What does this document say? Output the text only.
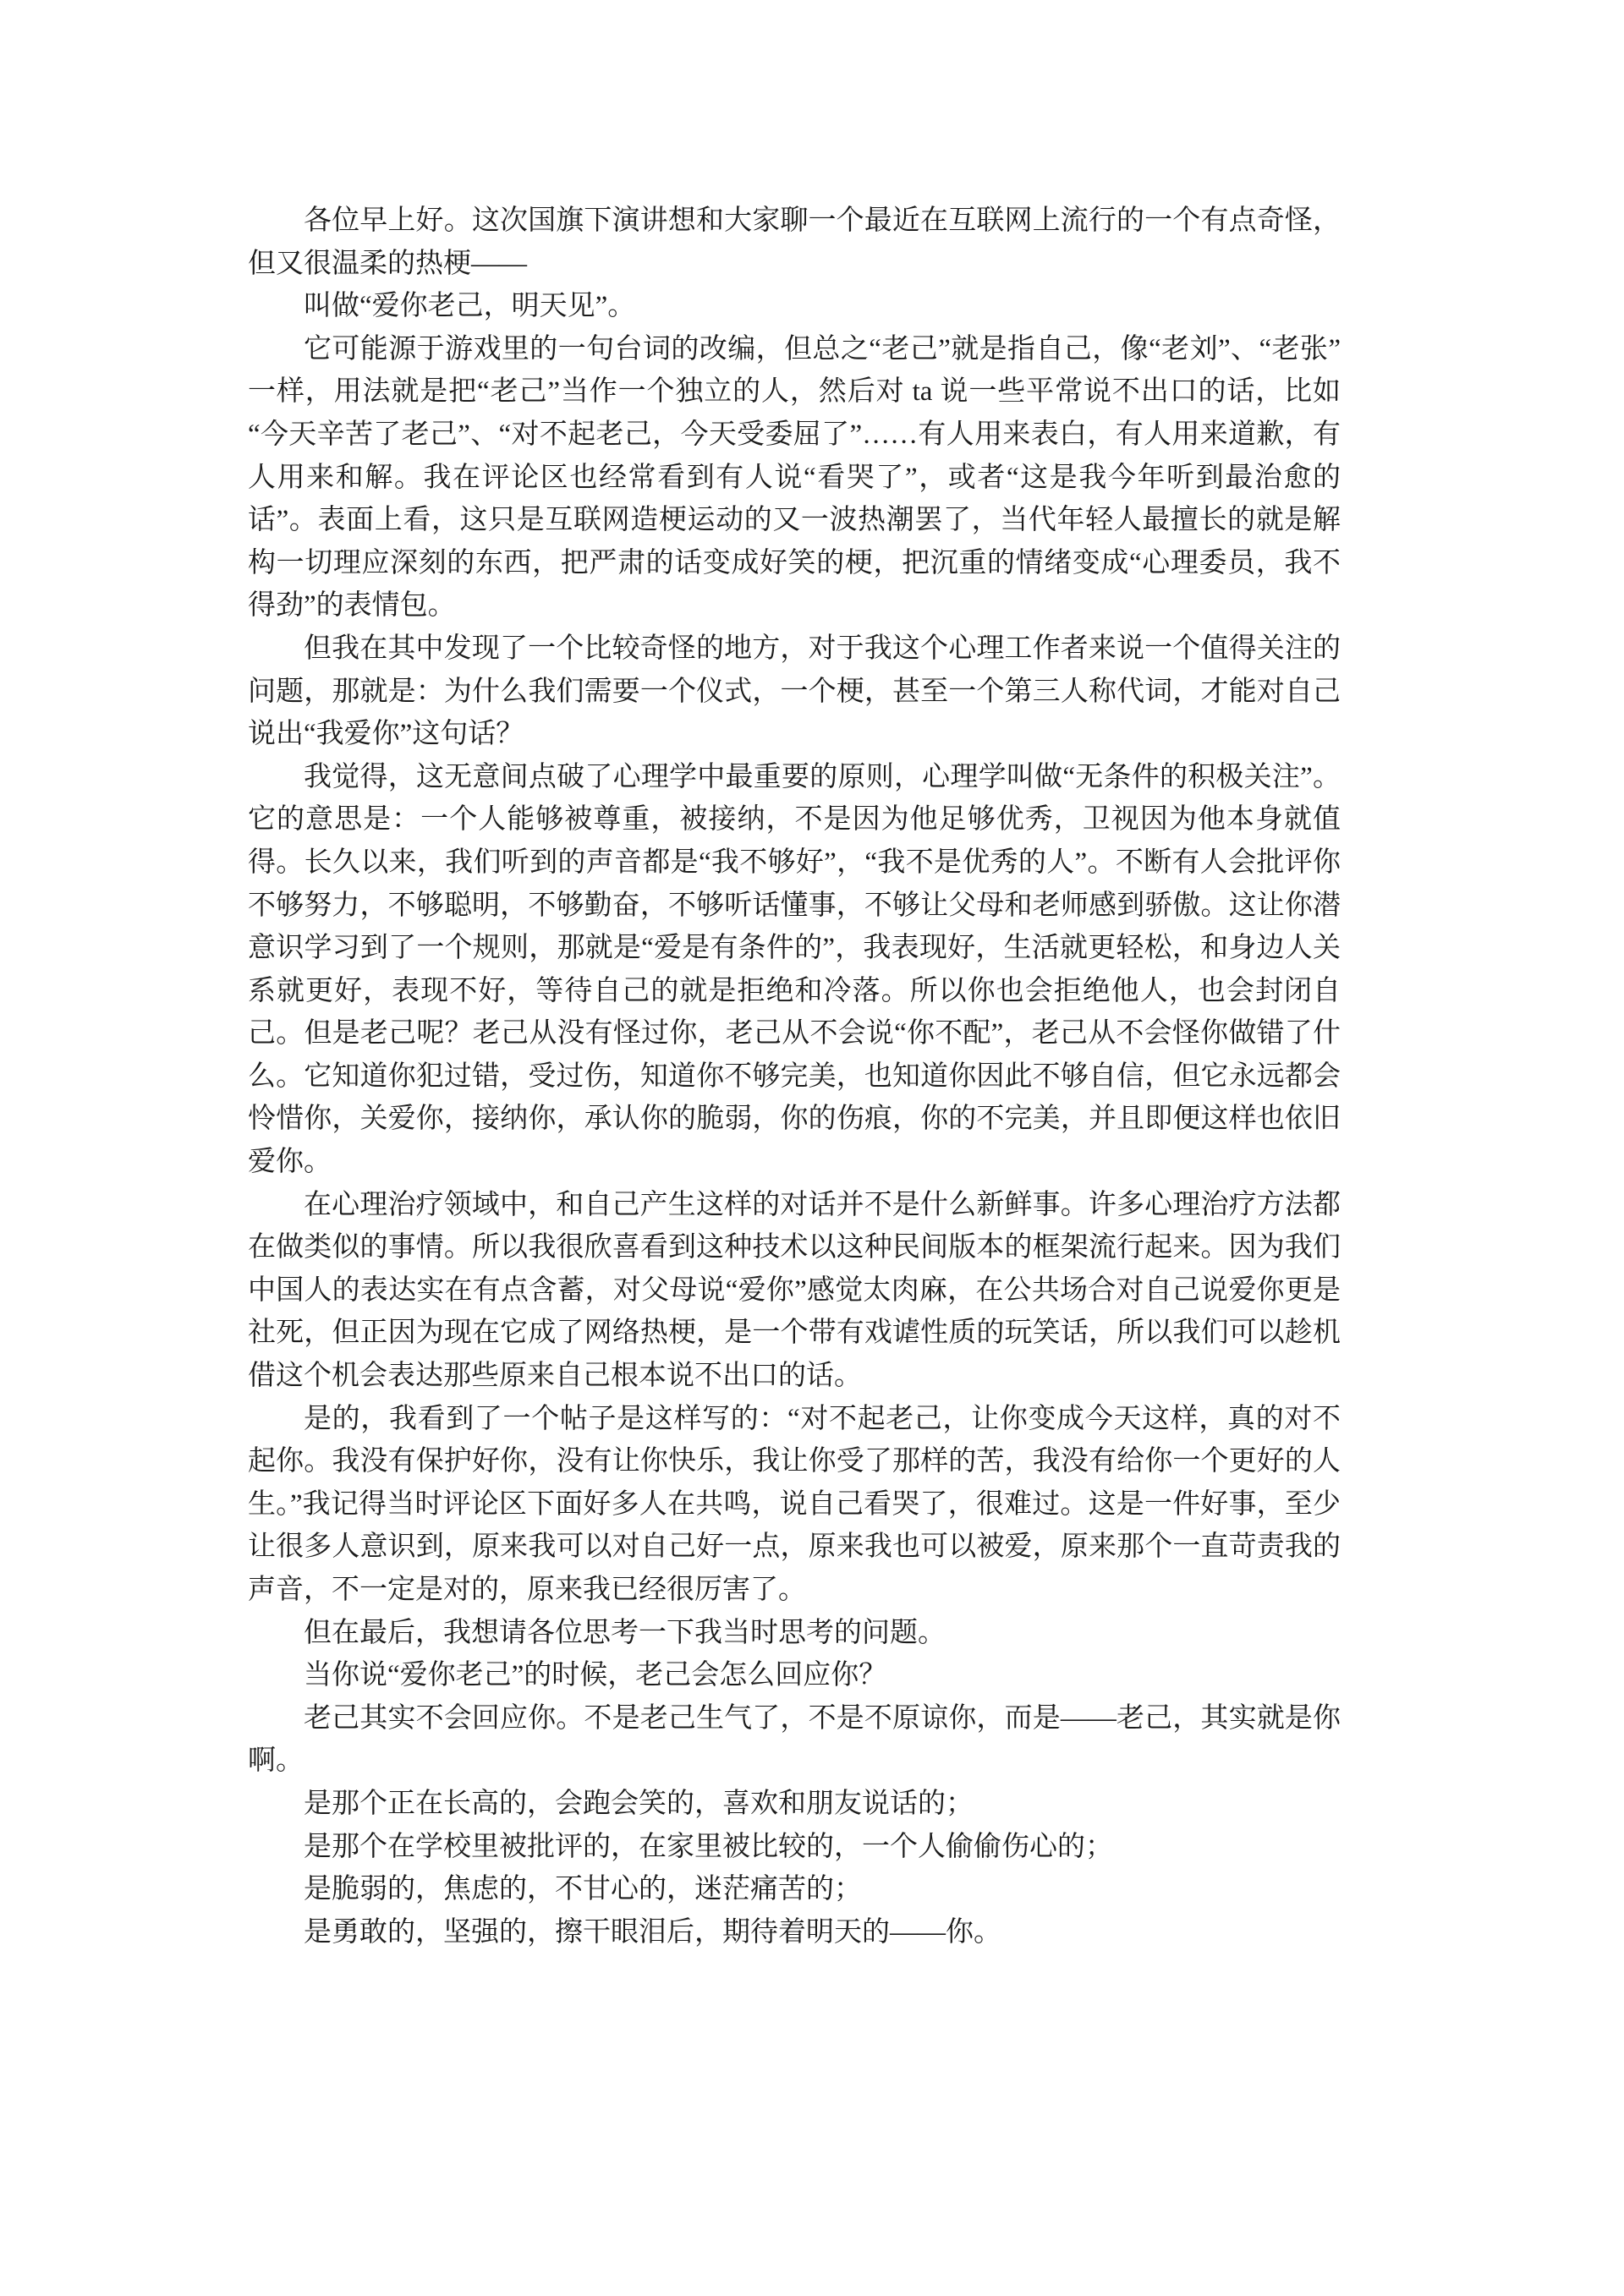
各位早上好。这次国旗下演讲想和大家聊一个最近在互联网上流行的一个有点奇怪，但又很温柔的热梗——

叫做“爱你老己，明天见”。

它可能源于游戏里的一句台词的改编，但总之“老己”就是指自己，像“老刘”、“老张”一样，用法就是把“老己”当作一个独立的人，然后对 ta 说一些平常说不出口的话，比如“今天辛苦了老己”、“对不起老己，今天受委屈了”……有人用来表白，有人用来道歉，有人用来和解。我在评论区也经常看到有人说“看哭了”，或者“这是我今年听到最治愈的话”。表面上看，这只是互联网造梗运动的又一波热潮罢了，当代年轻人最擅长的就是解构一切理应深刻的东西，把严肃的话变成好笑的梗，把沉重的情绪变成“心理委员，我不得劲”的表情包。

但我在其中发现了一个比较奇怪的地方，对于我这个心理工作者来说一个值得关注的问题，那就是：为什么我们需要一个仪式，一个梗，甚至一个第三人称代词，才能对自己说出“我爱你”这句话？

我觉得，这无意间点破了心理学中最重要的原则，心理学叫做“无条件的积极关注”。它的意思是：一个人能够被尊重，被接纳，不是因为他足够优秀，卫视因为他本身就值得。长久以来，我们听到的声音都是“我不够好”，“我不是优秀的人”。不断有人会批评你不够努力，不够聪明，不够勤奋，不够听话懂事，不够让父母和老师感到骄傲。这让你潜意识学习到了一个规则，那就是“爱是有条件的”，我表现好，生活就更轻松，和身边人关系就更好，表现不好，等待自己的就是拒绝和冷落。所以你也会拒绝他人，也会封闭自己。但是老己呢？老己从没有怪过你，老己从不会说“你不配”，老己从不会怪你做错了什么。它知道你犯过错，受过伤，知道你不够完美，也知道你因此不够自信，但它永远都会怜惜你，关爱你，接纳你，承认你的脆弱，你的伤痕，你的不完美，并且即便这样也依旧爱你。

在心理治疗领域中，和自己产生这样的对话并不是什么新鲜事。许多心理治疗方法都在做类似的事情。所以我很欣喜看到这种技术以这种民间版本的框架流行起来。因为我们中国人的表达实在有点含蓄，对父母说“爱你”感觉太肉麻，在公共场合对自己说爱你更是社死，但正因为现在它成了网络热梗，是一个带有戏谑性质的玩笑话，所以我们可以趁机借这个机会表达那些原来自己根本说不出口的话。

是的，我看到了一个帖子是这样写的：“对不起老己，让你变成今天这样，真的对不起你。我没有保护好你，没有让你快乐，我让你受了那样的苦，我没有给你一个更好的人生。”我记得当时评论区下面好多人在共鸣，说自己看哭了，很难过。这是一件好事，至少让很多人意识到，原来我可以对自己好一点，原来我也可以被爱，原来那个一直苛责我的声音，不一定是对的，原来我已经很厉害了。

但在最后，我想请各位思考一下我当时思考的问题。

当你说“爱你老己”的时候，老己会怎么回应你？

老己其实不会回应你。不是老己生气了，不是不原谅你，而是——老己，其实就是你啊。

是那个正在长高的，会跑会笑的，喜欢和朋友说话的；

是那个在学校里被批评的，在家里被比较的，一个人偷偷伤心的；

是脆弱的，焦虑的，不甘心的，迷茫痛苦的；

是勇敢的，坚强的，擦干眼泪后，期待着明天的——你。
